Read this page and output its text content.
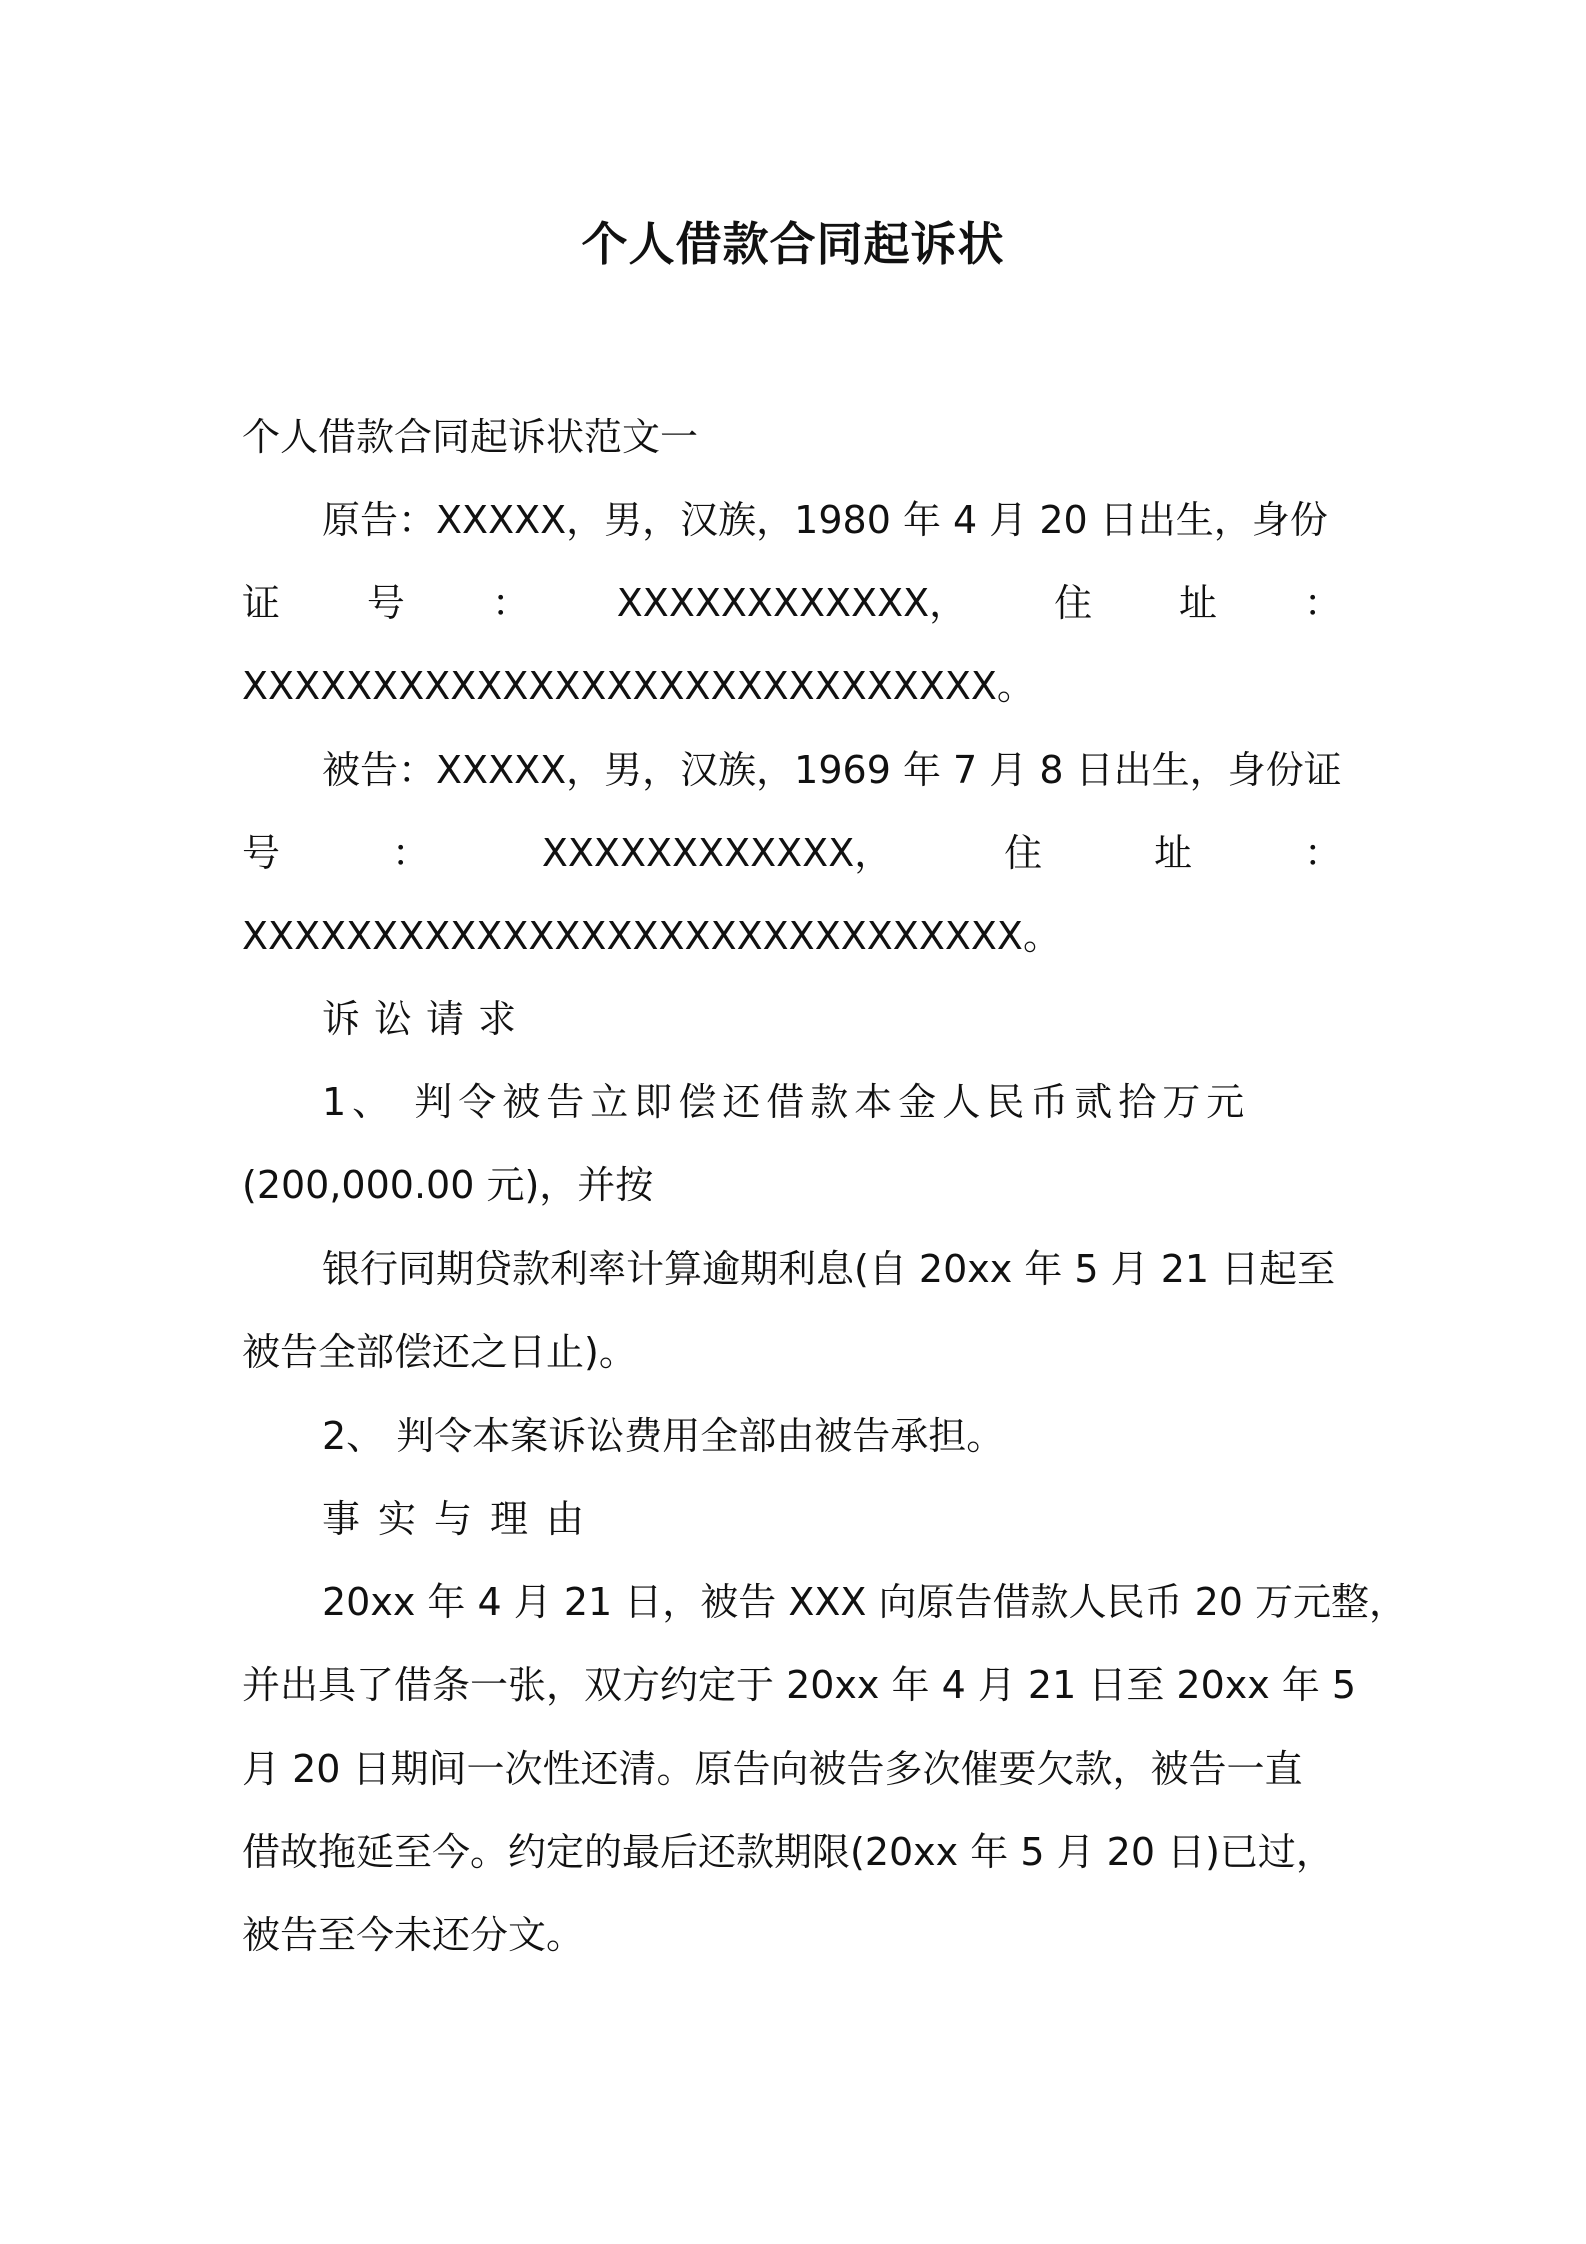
个人借款合同起诉状
个人借款合同起诉状范文一
原告：XXXXX，男，汉族，1980 年 4 月 20 日出生，身份
证 号 ： XXXXXXXXXXXX， 住 址 ：
XXXXXXXXXXXXXXXXXXXXXXXXXXXXX。
被告：XXXXX，男，汉族，1969 年 7 月 8 日出生，身份证
号	：	XXXXXXXXXXXX，	住	址	：
XXXXXXXXXXXXXXXXXXXXXXXXXXXXXX。
诉讼请求
1、 判令被告立即偿还借款本金人民币贰拾万元
(200,000.00 元)，并按
银行同期贷款利率计算逾期利息(自 20xx 年 5 月 21 日起至
被告全部偿还之日止)。
2、 判令本案诉讼费用全部由被告承担。
事实与理由
20xx 年 4 月 21 日，被告 XXX 向原告借款人民币 20 万元整，
并出具了借条一张，双方约定于 20xx 年 4 月 21 日至 20xx 年 5
月 20 日期间一次性还清。原告向被告多次催要欠款，被告一直
借故拖延至今。约定的最后还款期限(20xx 年 5 月 20 日)已过，
被告至今未还分文。
